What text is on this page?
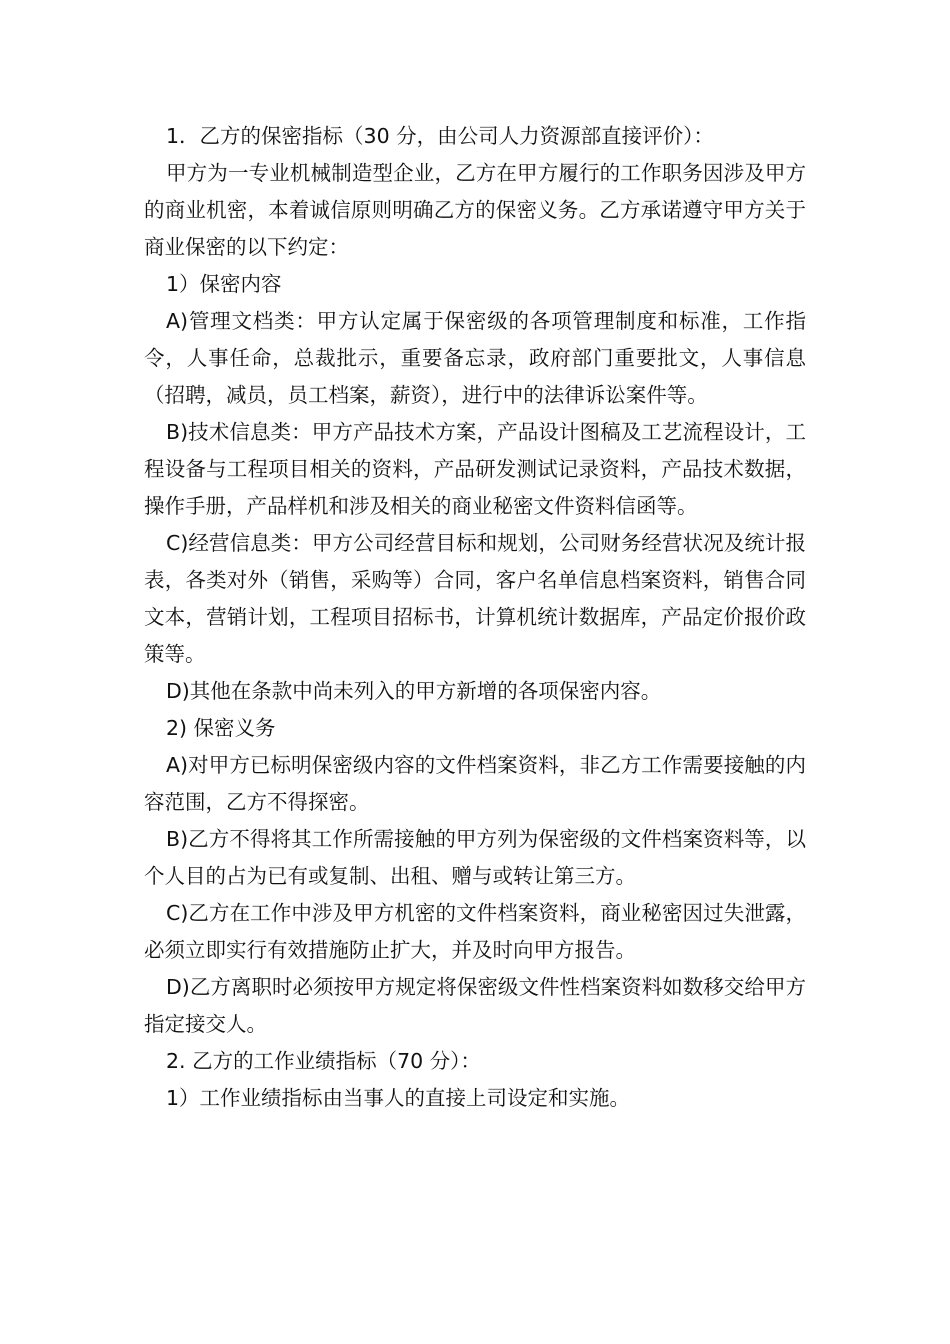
1．乙方的保密指标（30 分，由公司人力资源部直接评价）：

甲方为一专业机械制造型企业，乙方在甲方履行的工作职务因涉及甲方的商业机密，本着诚信原则明确乙方的保密义务。乙方承诺遵守甲方关于商业保密的以下约定：

1）保密内容

A)管理文档类：甲方认定属于保密级的各项管理制度和标准，工作指令，人事任命，总裁批示，重要备忘录，政府部门重要批文，人事信息（招聘，减员，员工档案，薪资），进行中的法律诉讼案件等。

B)技术信息类：甲方产品技术方案，产品设计图稿及工艺流程设计，工程设备与工程项目相关的资料，产品研发测试记录资料，产品技术数据，操作手册，产品样机和涉及相关的商业秘密文件资料信函等。

C)经营信息类：甲方公司经营目标和规划，公司财务经营状况及统计报表，各类对外（销售，采购等）合同，客户名单信息档案资料，销售合同文本，营销计划，工程项目招标书，计算机统计数据库，产品定价报价政策等。

D)其他在条款中尚未列入的甲方新增的各项保密内容。

2) 保密义务

A)对甲方已标明保密级内容的文件档案资料，非乙方工作需要接触的内容范围，乙方不得探密。

B)乙方不得将其工作所需接触的甲方列为保密级的文件档案资料等，以个人目的占为已有或复制、出租、赠与或转让第三方。

C)乙方在工作中涉及甲方机密的文件档案资料，商业秘密因过失泄露，必须立即实行有效措施防止扩大，并及时向甲方报告。

D)乙方离职时必须按甲方规定将保密级文件性档案资料如数移交给甲方指定接交人。

2. 乙方的工作业绩指标（70 分）：

1）工作业绩指标由当事人的直接上司设定和实施。
